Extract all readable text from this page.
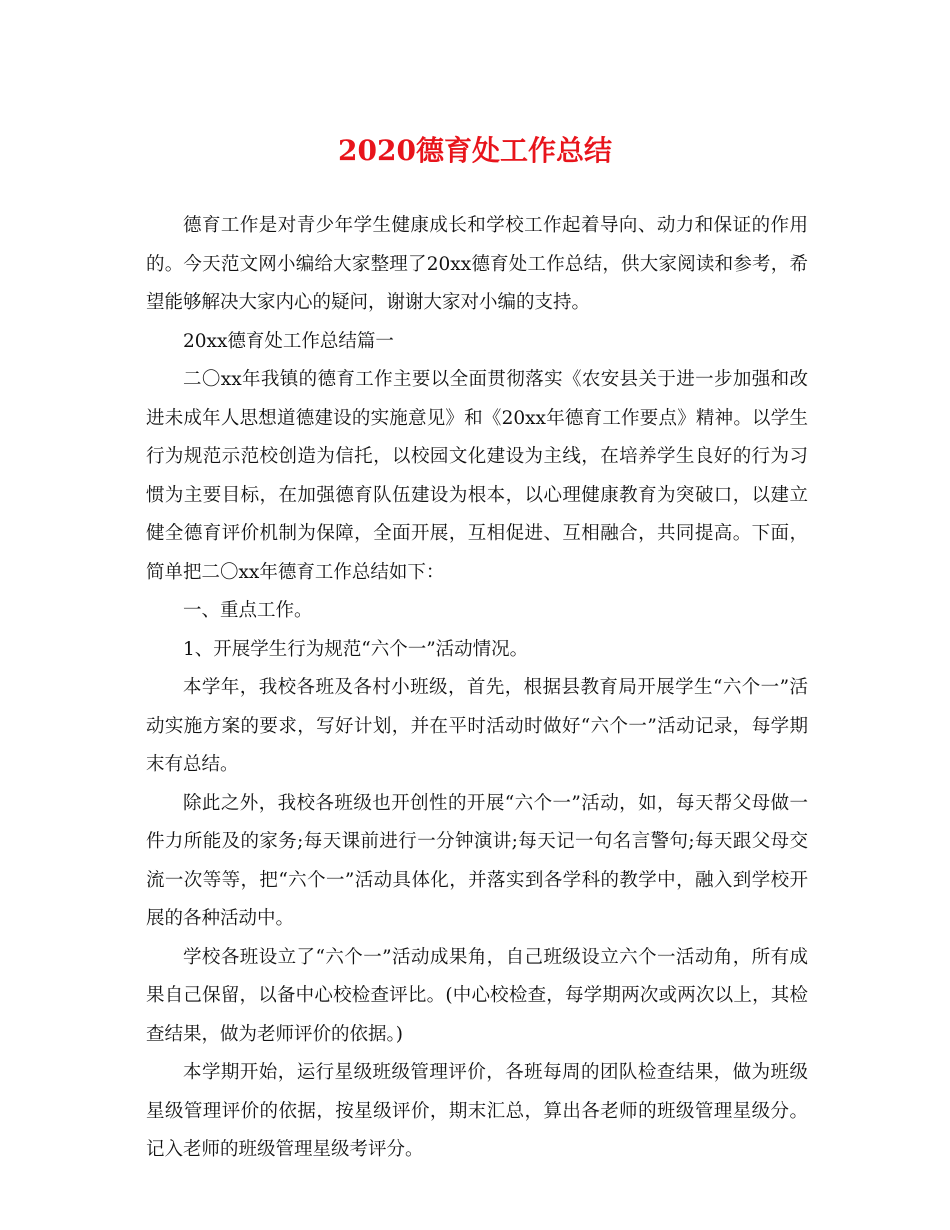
2020德育处工作总结

德育工作是对青少年学生健康成长和学校工作起着导向、动力和保证的作用的。今天范文网小编给大家整理了20xx德育处工作总结，供大家阅读和参考，希望能够解决大家内心的疑问，谢谢大家对小编的支持。

20xx德育处工作总结篇一

二〇xx年我镇的德育工作主要以全面贯彻落实《农安县关于进一步加强和改进未成年人思想道德建设的实施意见》和《20xx年德育工作要点》精神。以学生行为规范示范校创造为信托，以校园文化建设为主线，在培养学生良好的行为习惯为主要目标，在加强德育队伍建设为根本，以心理健康教育为突破口，以建立健全德育评价机制为保障，全面开展，互相促进、互相融合，共同提高。下面，简单把二〇xx年德育工作总结如下：

一、重点工作。

1、开展学生行为规范“六个一”活动情况。

本学年，我校各班及各村小班级，首先，根据县教育局开展学生“六个一”活动实施方案的要求，写好计划，并在平时活动时做好“六个一”活动记录，每学期末有总结。

除此之外，我校各班级也开创性的开展“六个一”活动，如，每天帮父母做一件力所能及的家务;每天课前进行一分钟演讲;每天记一句名言警句;每天跟父母交流一次等等，把“六个一”活动具体化，并落实到各学科的教学中，融入到学校开展的各种活动中。

学校各班设立了“六个一”活动成果角，自己班级设立六个一活动角，所有成果自己保留，以备中心校检查评比。(中心校检查，每学期两次或两次以上，其检查结果，做为老师评价的依据。)

本学期开始，运行星级班级管理评价，各班每周的团队检查结果，做为班级星级管理评价的依据，按星级评价，期末汇总，算出各老师的班级管理星级分。记入老师的班级管理星级考评分。
